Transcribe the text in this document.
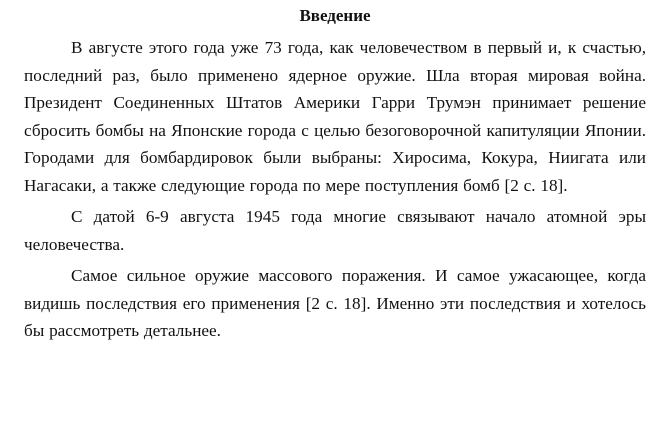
Введение

В августе этого года уже 73 года, как человечеством в первый и, к счастью, последний раз, было применено ядерное оружие. Шла вторая мировая война. Президент Соединенных Штатов Америки Гарри Трумэн принимает решение сбросить бомбы на Японские города с целью безоговорочной капитуляции Японии. Городами для бомбардировок были выбраны: Хиросима, Кокура, Ниигата или Нагасаки, а также следующие города по мере поступления бомб [2 с. 18].

С датой 6-9 августа 1945 года многие связывают начало атомной эры человечества.

Самое сильное оружие массового поражения. И самое ужасающее, когда видишь последствия его применения [2 с. 18]. Именно эти последствия и хотелось бы рассмотреть детальнее.
